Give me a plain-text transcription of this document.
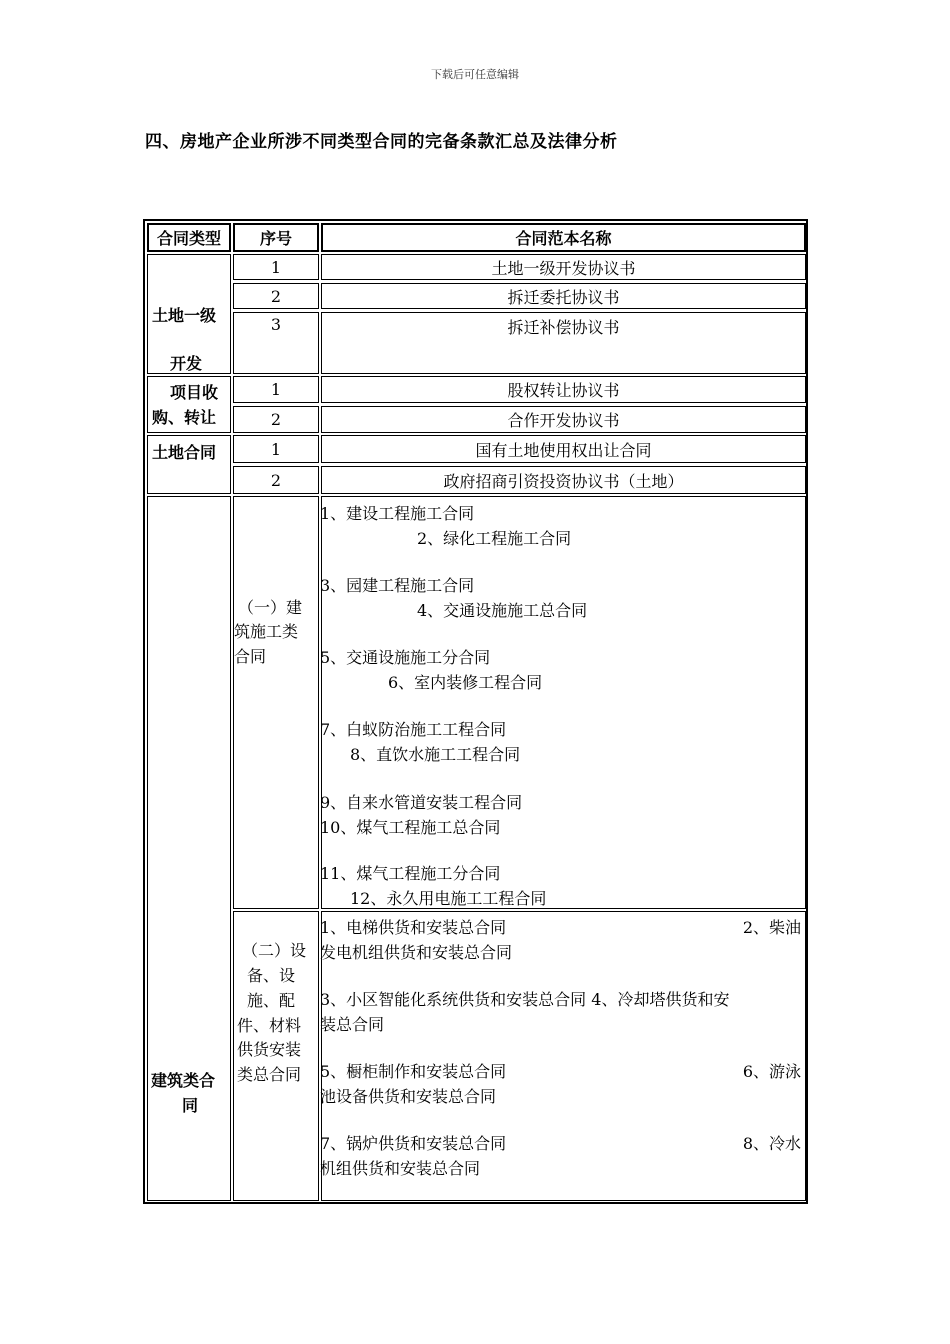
下载后可任意编辑
四、房地产企业所涉不同类型合同的完备条款汇总及法律分析
合同类型	序号	合同范本名称
土地一级
开发
1	土地一级开发协议书
2	拆迁委托协议书
3	拆迁补偿协议书
项目收
购、转让
1	股权转让协议书
2	合作开发协议书
土地合同	1	国有土地使用权出让合同
2	政府招商引资投资协议书（土地）
建筑类合
同
（一）建
筑施工类
合同
1、建设工程施工合同
2、绿化工程施工合同
3、园建工程施工合同
4、交通设施施工总合同
5、交通设施施工分合同
6、室内装修工程合同
7、白蚁防治施工工程合同
8、直饮水施工工程合同
9、自来水管道安装工程合同
10、煤气工程施工总合同
11、煤气工程施工分合同
12、永久用电施工工程合同
（二）设
备、设
施、配
件、材料
供货安装
类总合同
1、电梯供货和安装总合同	2、柴油
发电机组供货和安装总合同
3、小区智能化系统供货和安装总合同 4、冷却塔供货和安
装总合同
5、橱柜制作和安装总合同	6、游泳
池设备供货和安装总合同
7、锅炉供货和安装总合同	8、冷水
机组供货和安装总合同
